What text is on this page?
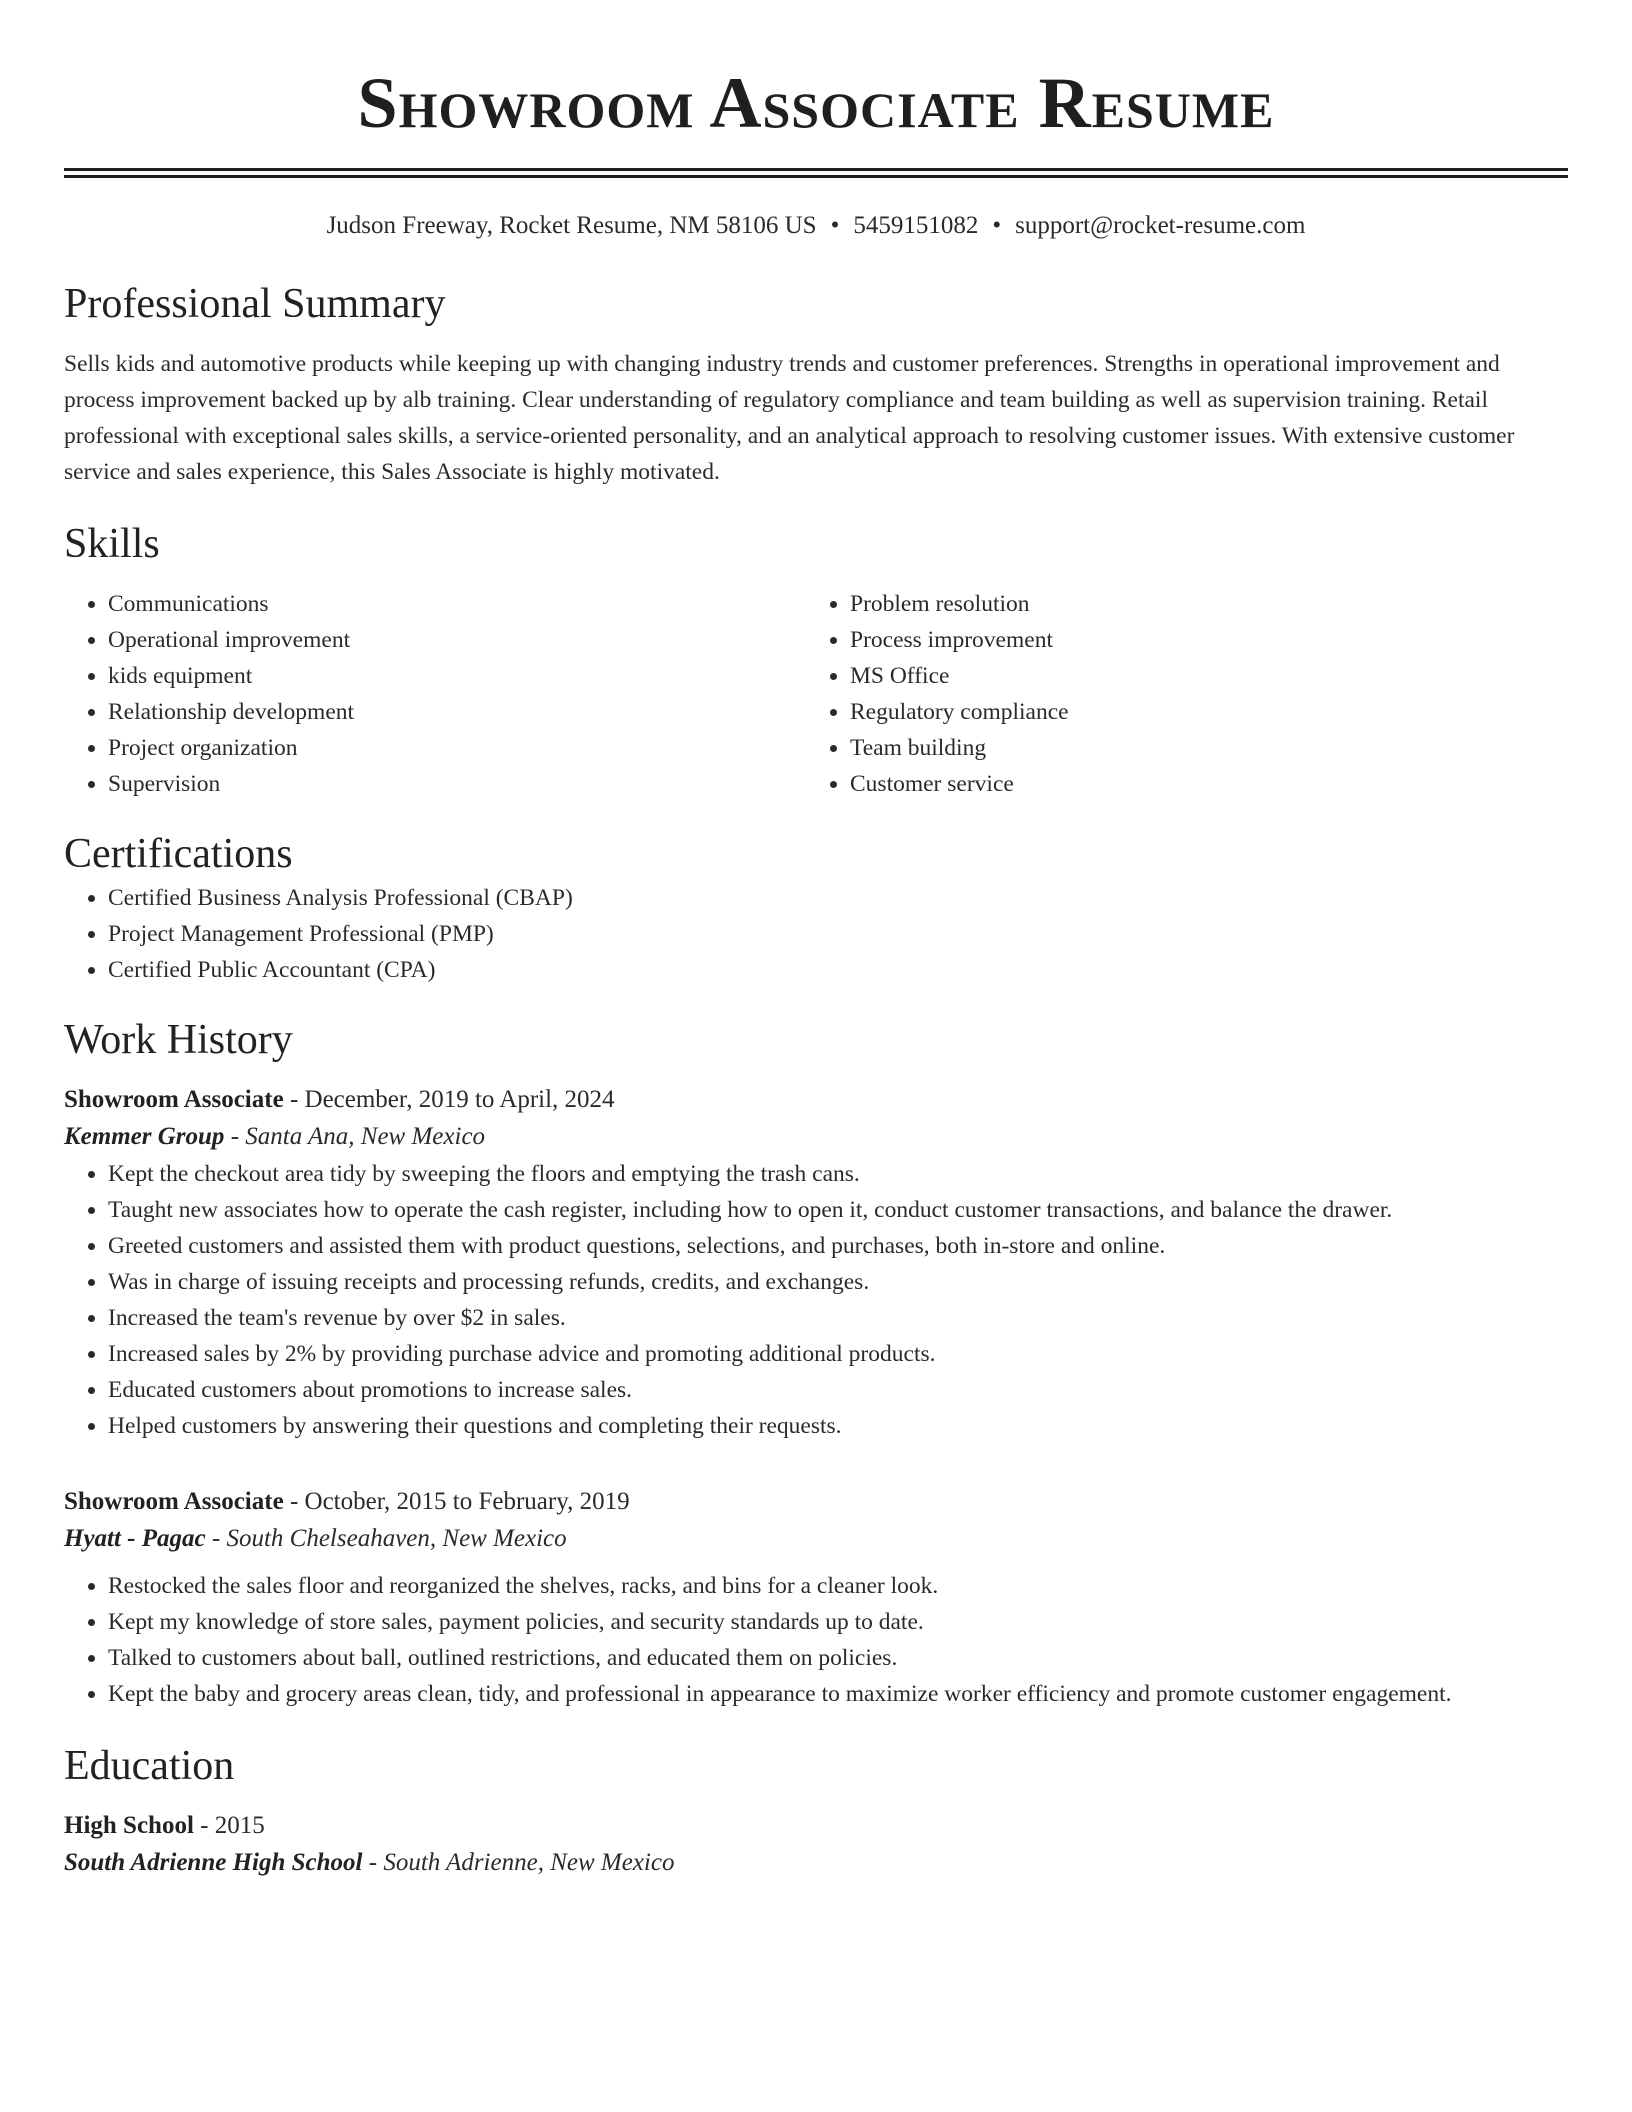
Showroom Associate Resume
Judson Freeway, Rocket Resume, NM 58106 US • 5459151082 • support@rocket-resume.com
Professional Summary
Sells kids and automotive products while keeping up with changing industry trends and customer preferences. Strengths in operational improvement and process improvement backed up by alb training. Clear understanding of regulatory compliance and team building as well as supervision training. Retail professional with exceptional sales skills, a service-oriented personality, and an analytical approach to resolving customer issues. With extensive customer service and sales experience, this Sales Associate is highly motivated.
Skills
• Communications
• Operational improvement
• kids equipment
• Relationship development
• Project organization
• Supervision
• Problem resolution
• Process improvement
• MS Office
• Regulatory compliance
• Team building
• Customer service
Certifications
• Certified Business Analysis Professional (CBAP)
• Project Management Professional (PMP)
• Certified Public Accountant (CPA)
Work History
Showroom Associate - December, 2019 to April, 2024
Kemmer Group - Santa Ana, New Mexico
• Kept the checkout area tidy by sweeping the floors and emptying the trash cans.
• Taught new associates how to operate the cash register, including how to open it, conduct customer transactions, and balance the drawer.
• Greeted customers and assisted them with product questions, selections, and purchases, both in-store and online.
• Was in charge of issuing receipts and processing refunds, credits, and exchanges.
• Increased the team's revenue by over $2 in sales.
• Increased sales by 2% by providing purchase advice and promoting additional products.
• Educated customers about promotions to increase sales.
• Helped customers by answering their questions and completing their requests.
Showroom Associate - October, 2015 to February, 2019
Hyatt - Pagac - South Chelseahaven, New Mexico
• Restocked the sales floor and reorganized the shelves, racks, and bins for a cleaner look.
• Kept my knowledge of store sales, payment policies, and security standards up to date.
• Talked to customers about ball, outlined restrictions, and educated them on policies.
• Kept the baby and grocery areas clean, tidy, and professional in appearance to maximize worker efficiency and promote customer engagement.
Education
High School - 2015
South Adrienne High School - South Adrienne, New Mexico
